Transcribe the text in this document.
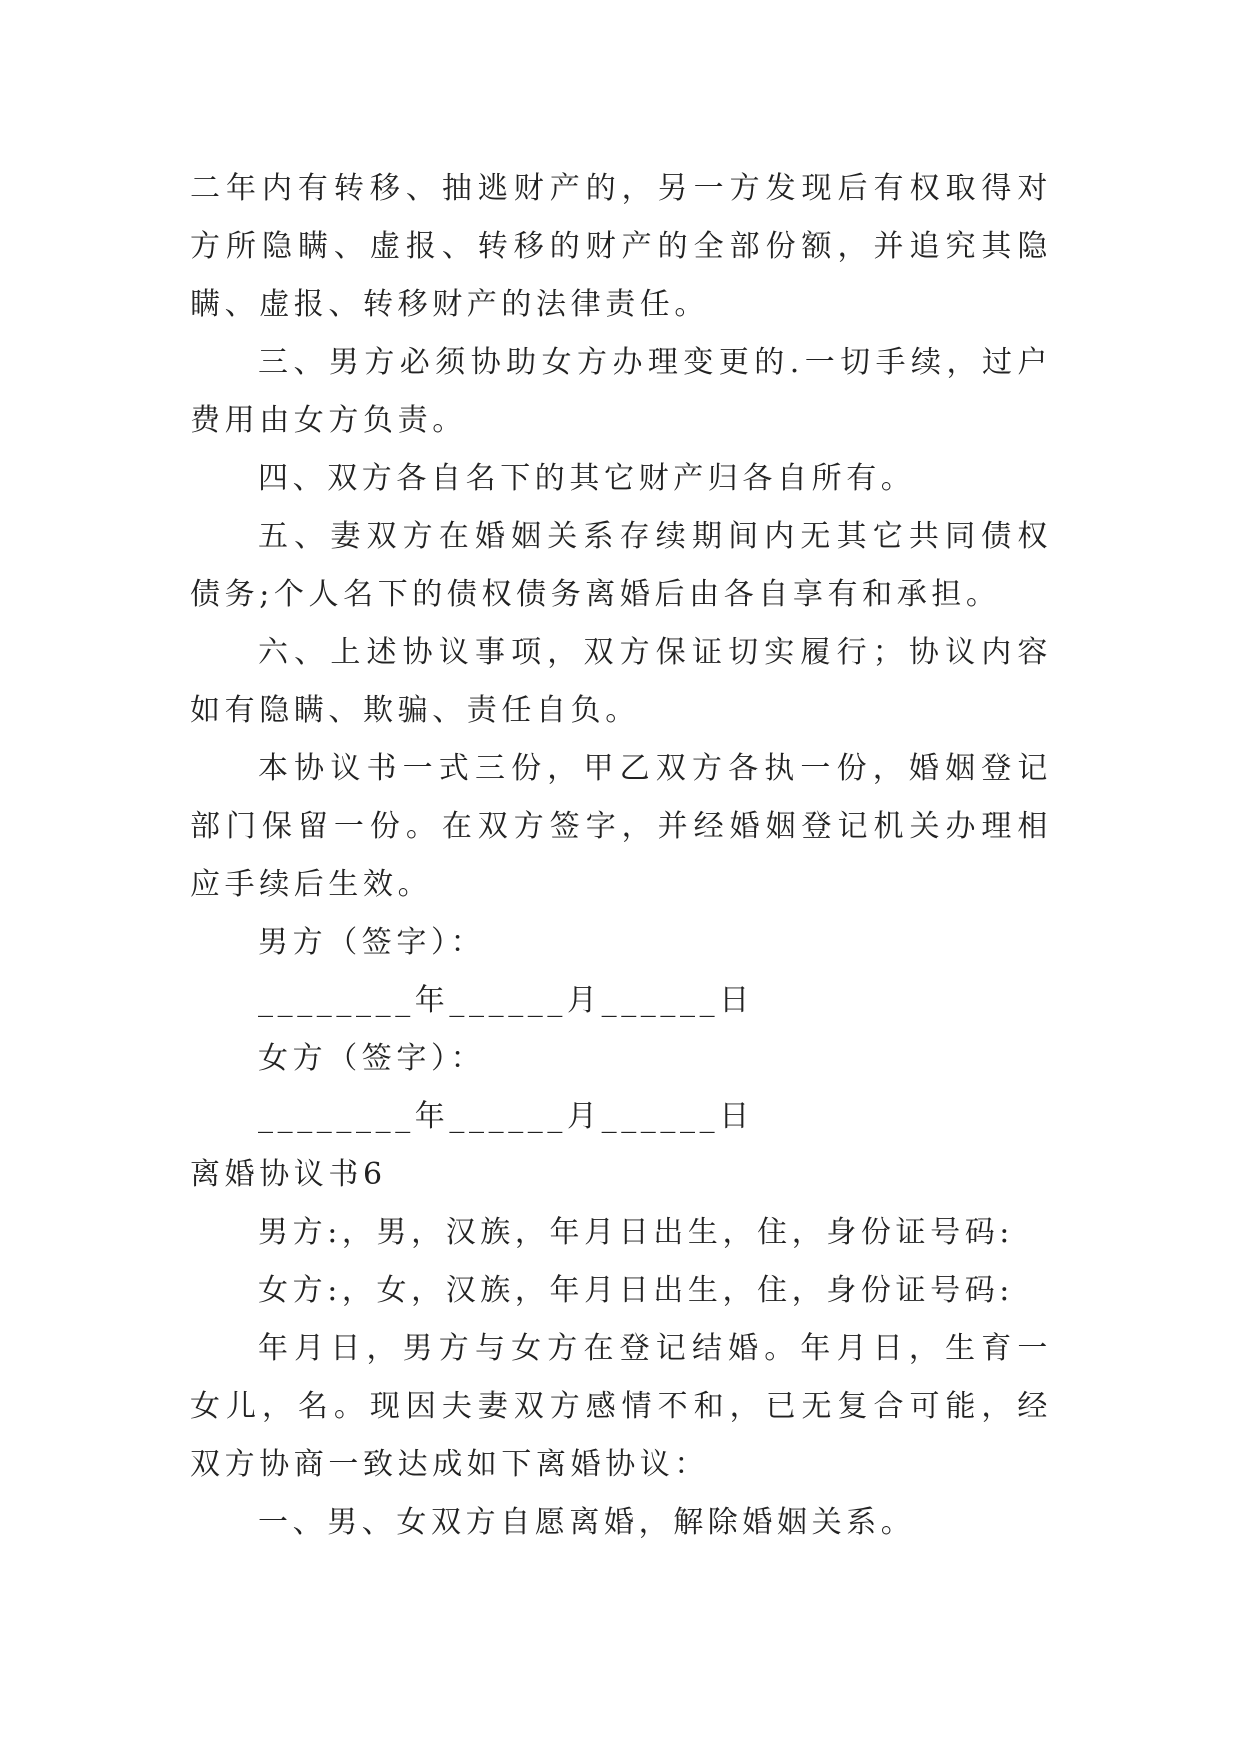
二年内有转移、抽逃财产的，另一方发现后有权取得对方所隐瞒、虚报、转移的财产的全部份额，并追究其隐瞒、虚报、转移财产的法律责任。

三、男方必须协助女方办理变更的.一切手续，过户费用由女方负责。

四、双方各自名下的其它财产归各自所有。

五、妻双方在婚姻关系存续期间内无其它共同债权债务;个人名下的债权债务离婚后由各自享有和承担。

六、上述协议事项，双方保证切实履行；协议内容如有隐瞒、欺骗、责任自负。

本协议书一式三份，甲乙双方各执一份，婚姻登记部门保留一份。在双方签字，并经婚姻登记机关办理相应手续后生效。

男方（签字）：

________年______月______日

女方（签字）：

________年______月______日

离婚协议书6

男方:，男，汉族，年月日出生，住，身份证号码:

女方:，女，汉族，年月日出生，住，身份证号码:

年月日，男方与女方在登记结婚。年月日，生育一女儿，名。现因夫妻双方感情不和，已无复合可能，经双方协商一致达成如下离婚协议：

一、男、女双方自愿离婚，解除婚姻关系。
